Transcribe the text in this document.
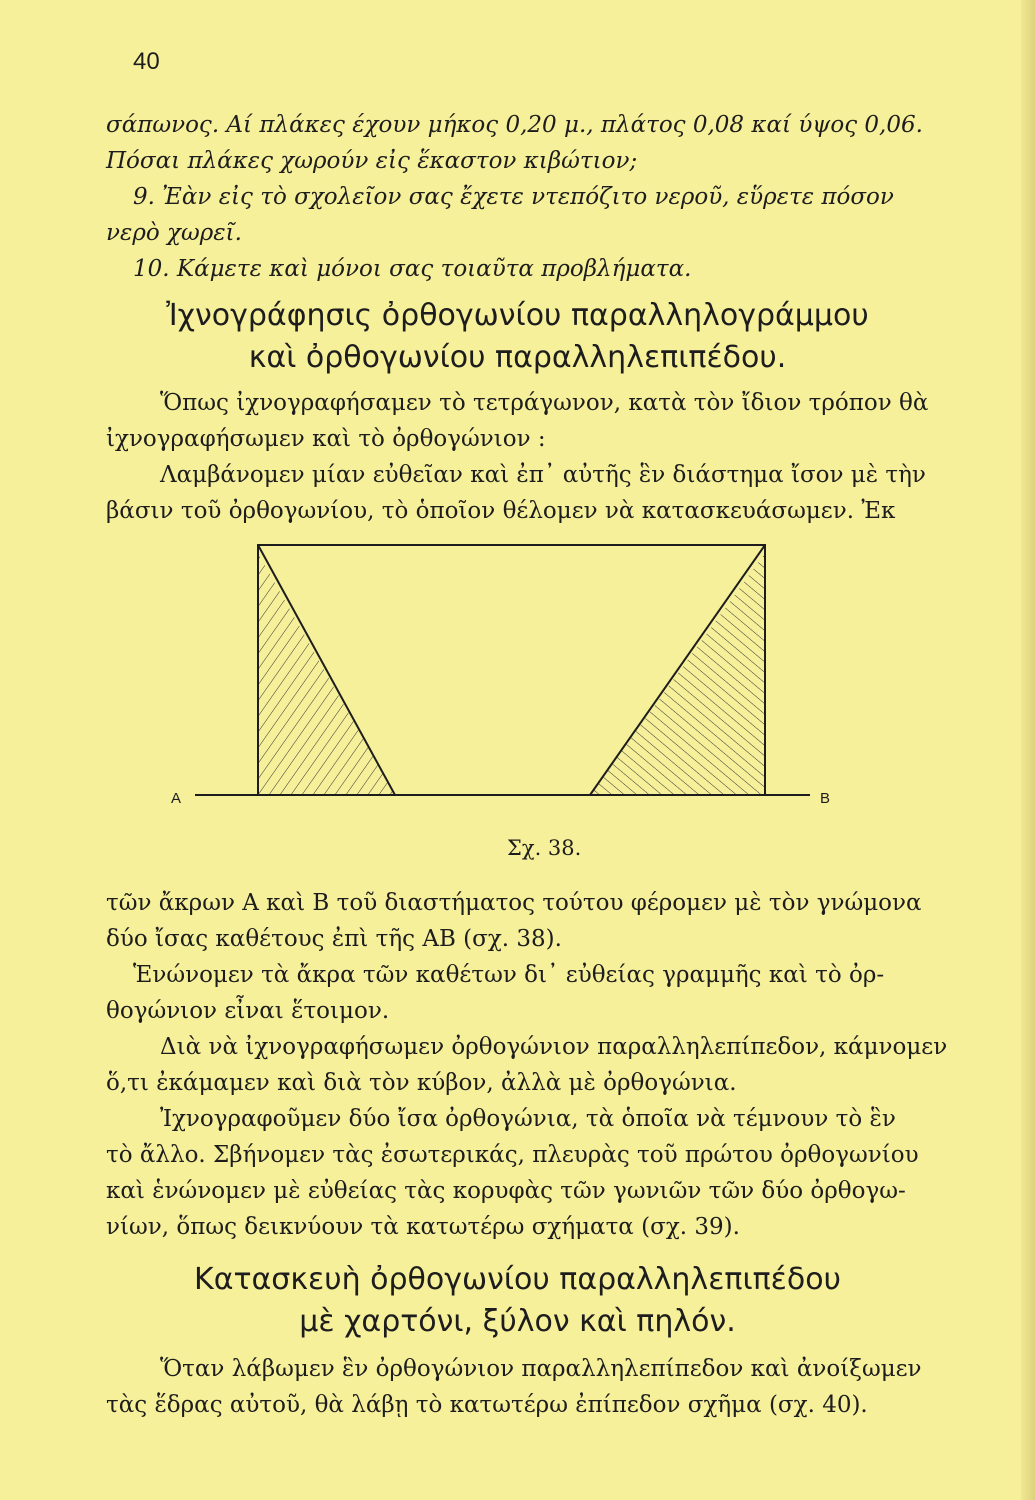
40
σάπωνος. Αί πλάκες έχουν μήκος 0,20 μ., πλάτος 0,08 καί ύψος 0,06.
Πόσαι πλάκες χωρούν εἰς ἕκαστον κιβώτιον;
9. Ἐὰν εἰς τὸ σχολεῖον σας ἔχετε ντεπόζιτο νεροῦ, εὕρετε πόσον
νερὸ χωρεῖ.
10. Κάμετε καὶ μόνοι σας τοιαῦτα προβλήματα.
Ἰχνογράφησις ὀρθογωνίου παραλληλογράμμου
καὶ ὀρθογωνίου παραλληλεπιπέδου.
Ὅπως ἰχνογραφήσαμεν τὸ τετράγωνον, κατὰ τὸν ἴδιον τρόπον θὰ
ἰχνογραφήσωμεν καὶ τὸ ὀρθογώνιον :
Λαμβάνομεν μίαν εὐθεῖαν καὶ ἐπ᾽ αὐτῆς ἓν διάστημα ἴσον μὲ τὴν
βάσιν τοῦ ὀρθογωνίου, τὸ ὁποῖον θέλομεν νὰ κατασκευάσωμεν. Ἐκ
Α	Β
Σχ. 38.
τῶν ἄκρων Α καὶ Β τοῦ διαστήματος τούτου φέρομεν μὲ τὸν γνώμονα
δύο ἴσας καθέτους ἐπὶ τῆς ΑΒ (σχ. 38).
Ἑνώνομεν τὰ ἄκρα τῶν καθέτων δι᾽ εὐθείας γραμμῆς καὶ τὸ ὀρ-
θογώνιον εἶναι ἕτοιμον.
Διὰ νὰ ἰχνογραφήσωμεν ὀρθογώνιον παραλληλεπίπεδον, κάμνομεν
ὅ,τι ἐκάμαμεν καὶ διὰ τὸν κύβον, ἀλλὰ μὲ ὀρθογώνια.
Ἰχνογραφοῦμεν δύο ἴσα ὀρθογώνια, τὰ ὁποῖα νὰ τέμνουν τὸ ἓν
τὸ ἄλλο. Σβήνομεν τὰς ἐσωτερικάς, πλευρὰς τοῦ πρώτου ὀρθογωνίου
καὶ ἑνώνομεν μὲ εὐθείας τὰς κορυφὰς τῶν γωνιῶν τῶν δύο ὀρθογω-
νίων, ὅπως δεικνύουν τὰ κατωτέρω σχήματα (σχ. 39).
Κατασκευὴ ὀρθογωνίου παραλληλεπιπέδου
μὲ χαρτόνι, ξύλον καὶ πηλόν.
Ὅταν λάβωμεν ἓν ὀρθογώνιον παραλληλεπίπεδον καὶ ἀνοίξωμεν
τὰς ἕδρας αὐτοῦ, θὰ λάβῃ τὸ κατωτέρω ἐπίπεδον σχῆμα (σχ. 40).
